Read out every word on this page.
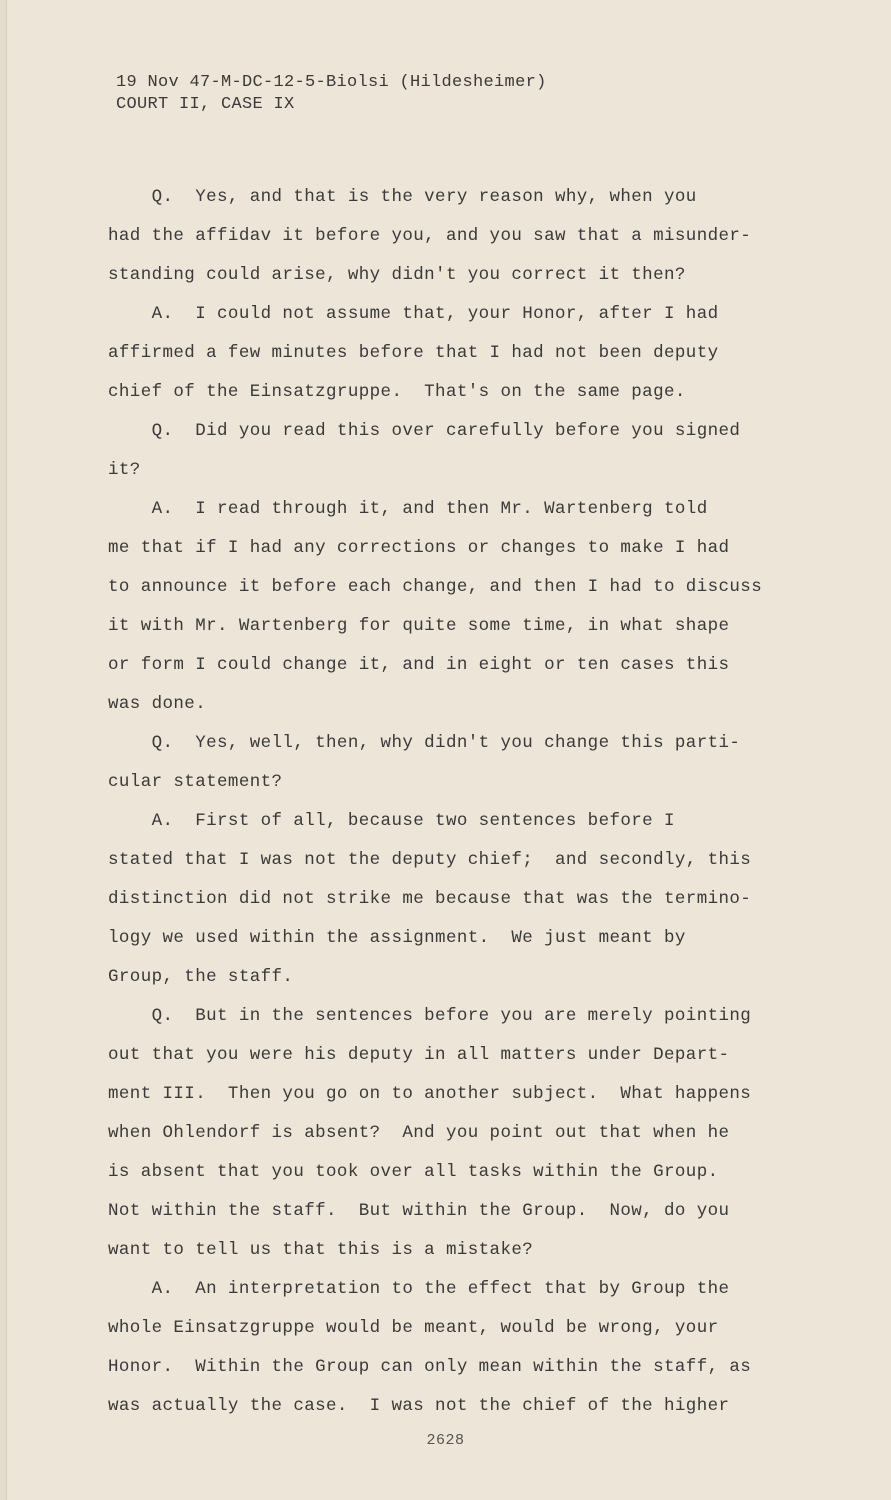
19 Nov 47-M-DC-12-5-Biolsi (Hildesheimer)
COURT II, CASE IX
Q.  Yes, and that is the very reason why, when you
had the affidav it before you, and you saw that a misunder-
standing could arise, why didn't you correct it then?
A.  I could not assume that, your Honor, after I had
affirmed a few minutes before that I had not been deputy
chief of the Einsatzgruppe.  That's on the same page.
Q.  Did you read this over carefully before you signed
it?
A.  I read through it, and then Mr. Wartenberg told
me that if I had any corrections or changes to make I had
to announce it before each change, and then I had to discuss
it with Mr. Wartenberg for quite some time, in what shape
or form I could change it, and in eight or ten cases this
was done.
Q.  Yes, well, then, why didn't you change this parti-
cular statement?
A.  First of all, because two sentences before I
stated that I was not the deputy chief;  and secondly, this
distinction did not strike me because that was the termino-
logy we used within the assignment.  We just meant by
Group, the staff.
Q.  But in the sentences before you are merely pointing
out that you were his deputy in all matters under Depart-
ment III.  Then you go on to another subject.  What happens
when Ohlendorf is absent?  And you point out that when he
is absent that you took over all tasks within the Group.
Not within the staff.  But within the Group.  Now, do you
want to tell us that this is a mistake?
A.  An interpretation to the effect that by Group the
whole Einsatzgruppe would be meant, would be wrong, your
Honor.  Within the Group can only mean within the staff, as
was actually the case.  I was not the chief of the higher
2628
